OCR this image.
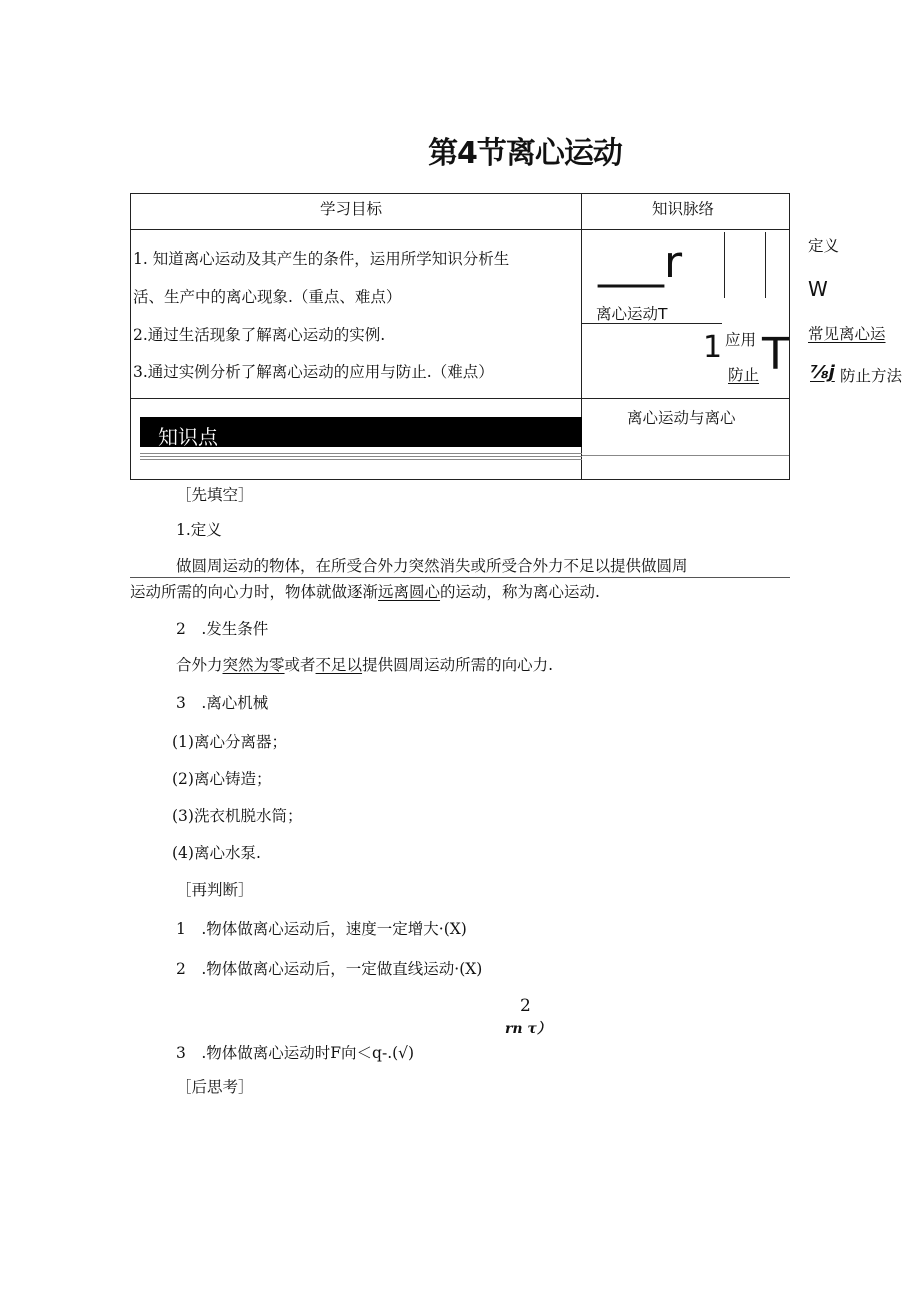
第4节离心运动
学习目标	知识脉络
1. 知道离心运动及其产生的条件，运用所学知识分析生
活、生产中的离心现象.（重点、难点）
2.通过生活现象了解离心运动的实例.
3.通过实例分析了解离心运动的应用与防止.（难点）
___r
离心运动T
1 应用
防止 T
定义
W
常见离心运
⅞j 防止方法
知识点
离心运动与离心
［先填空］
1.定义
做圆周运动的物体，在所受合外力突然消失或所受合外力不足以提供做圆周
运动所需的向心力时，物体就做逐渐远离圆心的运动，称为离心运动.
2　.发生条件
合外力突然为零或者不足以提供圆周运动所需的向心力.
3　.离心机械
(1)离心分离器；
(2)离心铸造；
(3)洗衣机脱水筒；
(4)离心水泵.
［再判断］
1　.物体做离心运动后，速度一定增大·(X)
2　.物体做离心运动后，一定做直线运动·(X)
2
rn τ）
3　.物体做离心运动时F向＜q-.(√)
［后思考］
